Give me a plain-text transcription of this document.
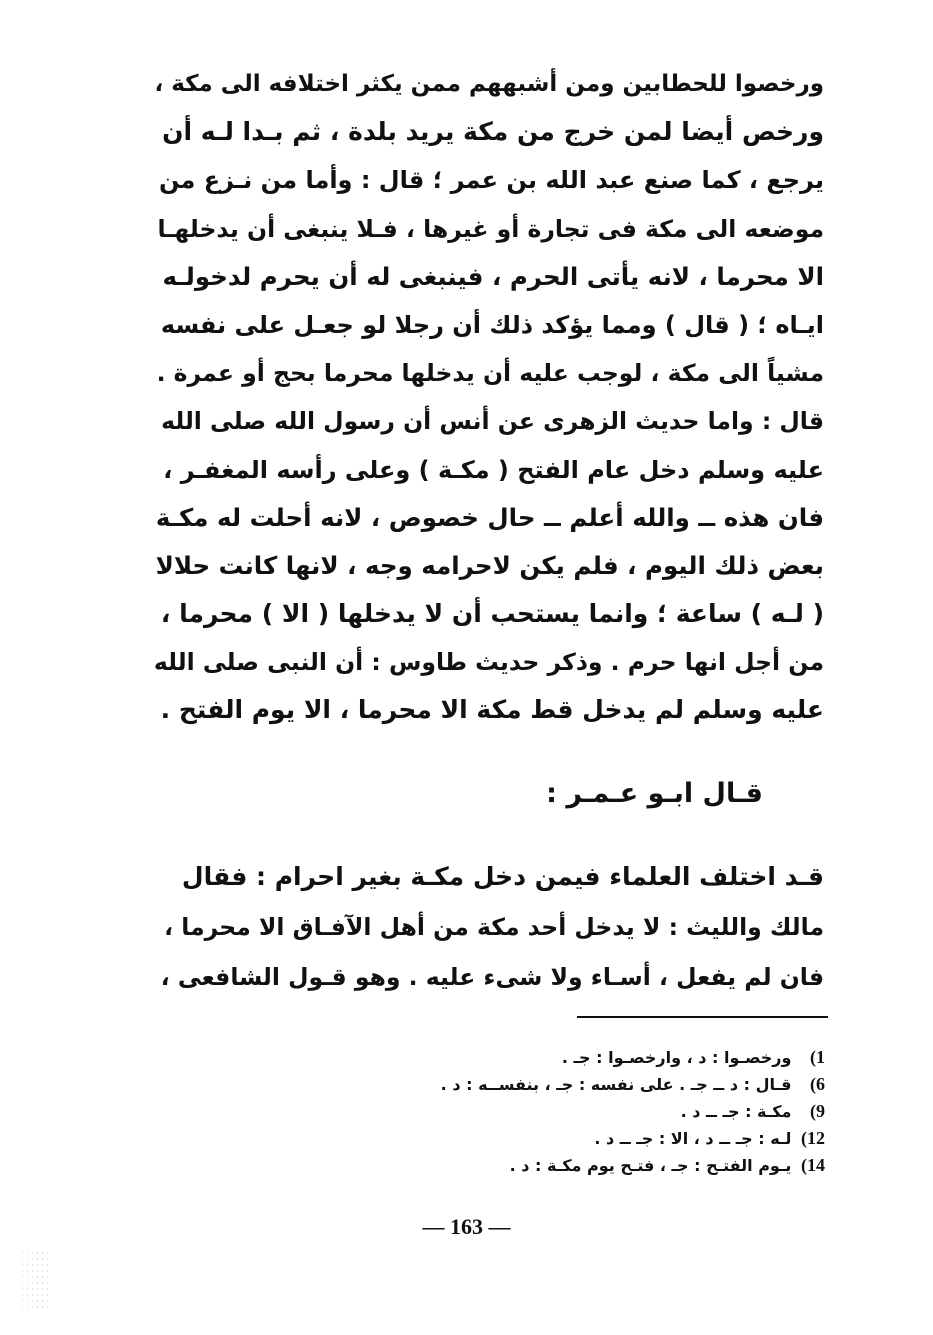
ورخصوا للحطابين ومن أشبههم ممن يكثر اختلافه الى مكة ،
ورخص أيضا لمن خرج من مكة يريد بلدة ، ثم بـدا لـه أن
يرجع ، كما صنع عبد الله بن عمر ؛ قال : وأما من نـزع من
موضعه الى مكة فى تجارة أو غيرها ، فـلا ينبغى أن يدخلهـا
الا محرما ، لانه يأتى الحرم ، فينبغى له أن يحرم لدخولـه
ايـاه ؛ ( قال ) ومما يؤكد ذلك أن رجلا لو جعـل على نفسه
مشياً الى مكة ، لوجب عليه أن يدخلها محرما بحج أو عمرة .
قال : واما حديث الزهرى عن أنس أن رسول الله صلى الله
عليه وسلم دخل عام الفتح ( مكـة ) وعلى رأسه المغفـر ،
فان هذه ــ والله أعلم ــ حال خصوص ، لانه أحلت له مكـة
بعض ذلك اليوم ، فلم يكن لاحرامه وجه ، لانها كانت حلالا
( لـه ) ساعة ؛ وانما يستحب أن لا يدخلها ( الا ) محرما ،
من أجل انها حرم . وذكر حديث طاوس : أن النبى صلى الله
عليه وسلم لم يدخل قط مكة الا محرما ، الا يوم الفتح .
قـال ابـو عـمـر :
قـد اختلف العلماء فيمن دخل مكـة بغير احرام : فقال
مالك والليث : لا يدخل أحد مكة من أهل الآفـاق الا محرما ،
فان لم يفعل ، أسـاء ولا شىء عليه . وهو قـول الشافعى ،
1) ورخصـوا : د ، وارخصـوا : جـ .
6) قـال : د ــ جـ . على نفسه : جـ ، بنفســه : د .
9) مكـة : جـ ــ د .
12) لـه : جـ ــ د ، الا : جـ ــ د .
14) يـوم الفتـح : جـ ، فتـح يوم مكـة : د .
— 163 —
